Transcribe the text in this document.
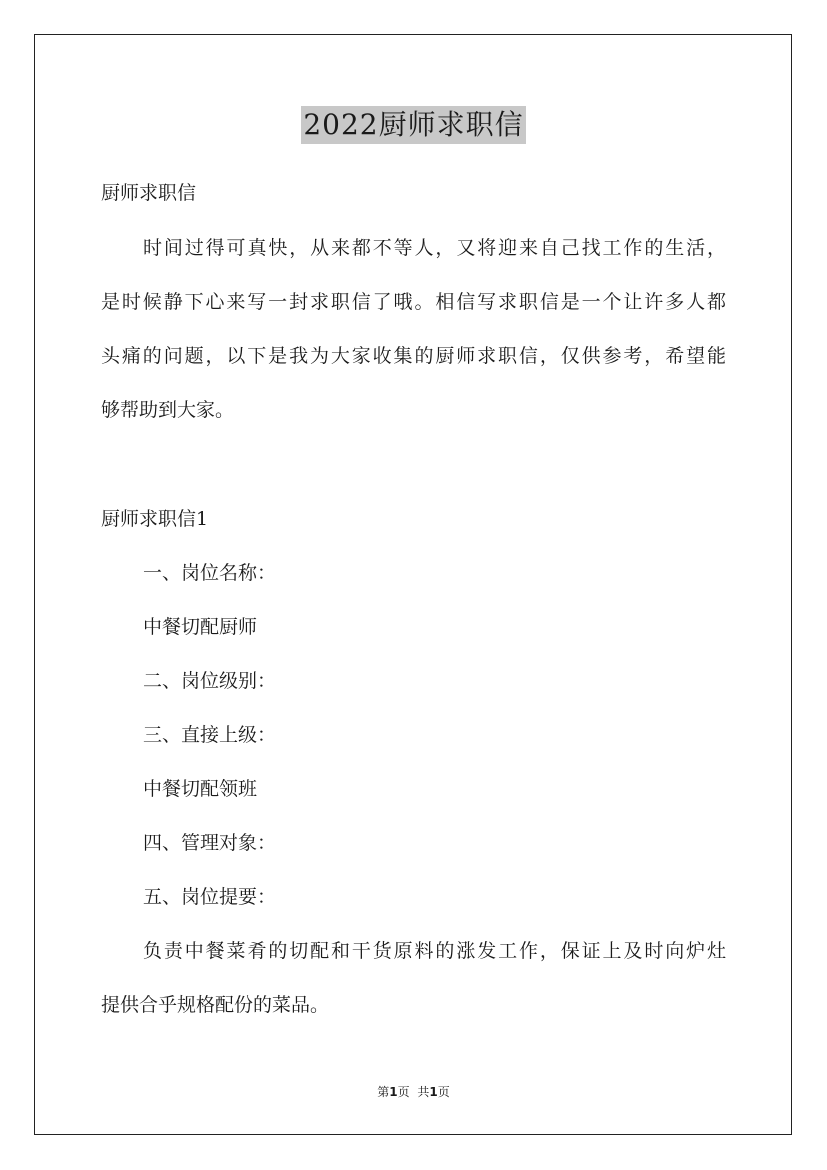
2022厨师求职信

厨师求职信

时间过得可真快，从来都不等人，又将迎来自己找工作的生活，

是时候静下心来写一封求职信了哦。相信写求职信是一个让许多人都

头痛的问题，以下是我为大家收集的厨师求职信，仅供参考，希望能

够帮助到大家。

厨师求职信1

一、岗位名称：

中餐切配厨师

二、岗位级别：

三、直接上级：

中餐切配领班

四、管理对象：

五、岗位提要：

负责中餐菜肴的切配和干货原料的涨发工作，保证上及时向炉灶

提供合乎规格配份的菜品。

第1页 共1页
